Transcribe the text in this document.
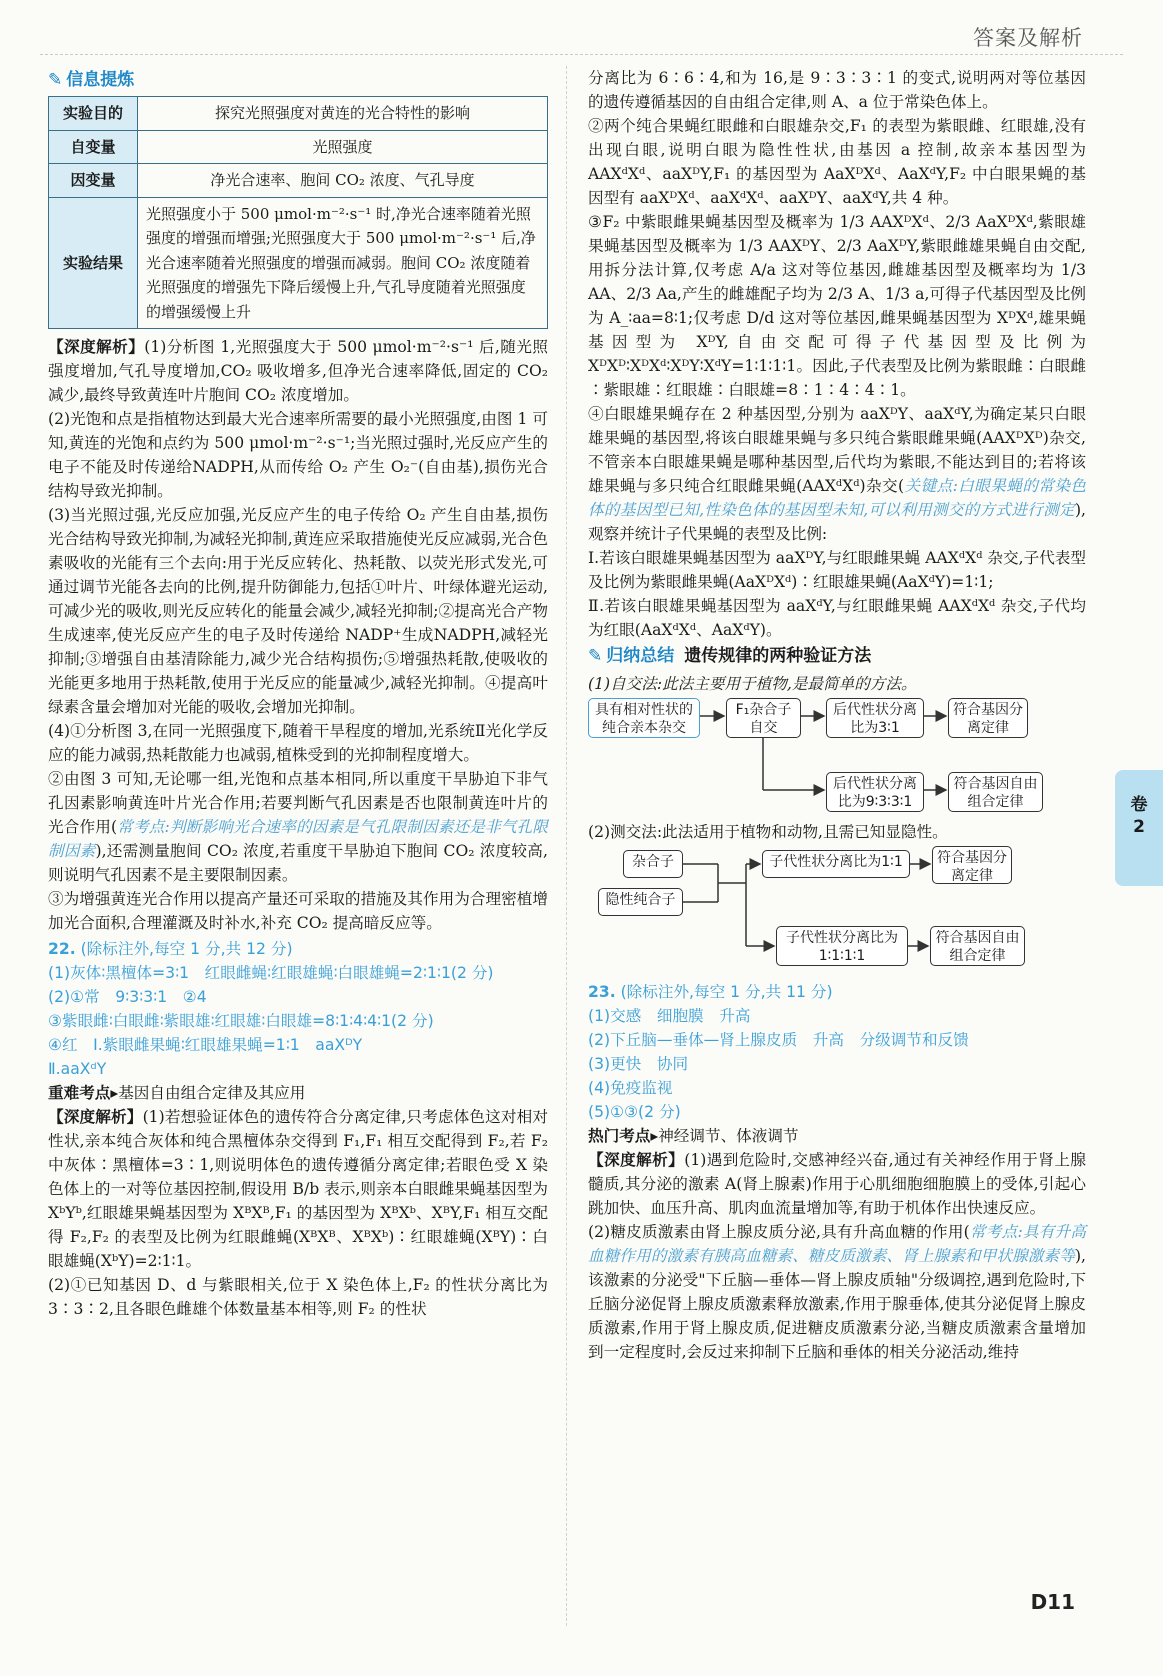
答案及解析
✎ 信息提炼
实验目的	探究光照强度对黄连的光合特性的影响
自变量	光照强度
因变量	净光合速率、胞间 CO₂ 浓度、气孔导度
实验结果	光照强度小于 500 μmol·m⁻²·s⁻¹ 时,净光合速率随着光照强度的增强而增强;光照强度大于 500 μmol·m⁻²·s⁻¹ 后,净光合速率随着光照强度的增强而减弱。胞间 CO₂ 浓度随着光照强度的增强先下降后缓慢上升,气孔导度随着光照强度的增强缓慢上升

【深度解析】(1)分析图 1,光照强度大于 500 μmol·m⁻²·s⁻¹ 后,随光照强度增加,气孔导度增加,CO₂ 吸收增多,但净光合速率降低,固定的 CO₂ 减少,最终导致黄连叶片胞间 CO₂ 浓度增加。

(2)光饱和点是指植物达到最大光合速率所需要的最小光照强度,由图 1 可知,黄连的光饱和点约为 500 μmol·m⁻²·s⁻¹;当光照过强时,光反应产生的电子不能及时传递给NADPH,从而传给 O₂ 产生 O₂⁻(自由基),损伤光合结构导致光抑制。

(3)当光照过强,光反应加强,光反应产生的电子传给 O₂ 产生自由基,损伤光合结构导致光抑制,为减轻光抑制,黄连应采取措施使光反应减弱,光合色素吸收的光能有三个去向:用于光反应转化、热耗散、以荧光形式发光,可通过调节光能各去向的比例,提升防御能力,包括①叶片、叶绿体避光运动,可减少光的吸收,则光反应转化的能量会减少,减轻光抑制;②提高光合产物生成速率,使光反应产生的电子及时传递给 NADP⁺生成NADPH,减轻光抑制;③增强自由基清除能力,减少光合结构损伤;⑤增强热耗散,使吸收的光能更多地用于热耗散,使用于光反应的能量减少,减轻光抑制。④提高叶绿素含量会增加对光能的吸收,会增加光抑制。

(4)①分析图 3,在同一光照强度下,随着干旱程度的增加,光系统Ⅱ光化学反应的能力减弱,热耗散能力也减弱,植株受到的光抑制程度增大。

②由图 3 可知,无论哪一组,光饱和点基本相同,所以重度干旱胁迫下非气孔因素影响黄连叶片光合作用;若要判断气孔因素是否也限制黄连叶片的光合作用(常考点:判断影响光合速率的因素是气孔限制因素还是非气孔限制因素),还需测量胞间 CO₂ 浓度,若重度干旱胁迫下胞间 CO₂ 浓度较高,则说明气孔因素不是主要限制因素。

③为增强黄连光合作用以提高产量还可采取的措施及其作用为合理密植增加光合面积,合理灌溉及时补水,补充 CO₂ 提高暗反应等。

22. (除标注外,每空 1 分,共 12 分)

(1)灰体∶黑檀体=3∶1　红眼雌蝇∶红眼雄蝇∶白眼雄蝇=2∶1∶1(2 分)

(2)①常　9∶3∶3∶1　②4

③紫眼雌∶白眼雌∶紫眼雄∶红眼雄∶白眼雄=8∶1∶4∶4∶1(2 分)

④红　Ⅰ.紫眼雌果蝇∶红眼雄果蝇=1∶1　aaXᴰY

Ⅱ.aaXᵈY

重难考点▸基因自由组合定律及其应用

【深度解析】(1)若想验证体色的遗传符合分离定律,只考虑体色这对相对性状,亲本纯合灰体和纯合黑檀体杂交得到 F₁,F₁ 相互交配得到 F₂,若 F₂ 中灰体∶黑檀体=3∶1,则说明体色的遗传遵循分离定律;若眼色受 X 染色体上的一对等位基因控制,假设用 B/b 表示,则亲本白眼雌果蝇基因型为 XᵇYᵇ,红眼雄果蝇基因型为 XᴮXᴮ,F₁ 的基因型为 XᴮXᵇ、XᴮY,F₁ 相互交配得 F₂,F₂ 的表型及比例为红眼雌蝇(XᴮXᴮ、XᴮXᵇ)∶红眼雄蝇(XᴮY)∶白眼雄蝇(XᵇY)=2∶1∶1。

(2)①已知基因 D、d 与紫眼相关,位于 X 染色体上,F₂ 的性状分离比为 3∶3∶2,且各眼色雌雄个体数量基本相等,则 F₂ 的性状

分离比为 6∶6∶4,和为 16,是 9∶3∶3∶1 的变式,说明两对等位基因的遗传遵循基因的自由组合定律,则 A、a 位于常染色体上。

②两个纯合果蝇红眼雌和白眼雄杂交,F₁ 的表型为紫眼雌、红眼雄,没有出现白眼,说明白眼为隐性性状,由基因 a 控制,故亲本基因型为 AAXᵈXᵈ、aaXᴰY,F₁ 的基因型为 AaXᴰXᵈ、AaXᵈY,F₂ 中白眼果蝇的基因型有 aaXᴰXᵈ、aaXᵈXᵈ、aaXᴰY、aaXᵈY,共 4 种。

③F₂ 中紫眼雌果蝇基因型及概率为 1/3 AAXᴰXᵈ、2/3 AaXᴰXᵈ,紫眼雄果蝇基因型及概率为 1/3 AAXᴰY、2/3 AaXᴰY,紫眼雌雄果蝇自由交配,用拆分法计算,仅考虑 A/a 这对等位基因,雌雄基因型及概率均为 1/3 AA、2/3 Aa,产生的雌雄配子均为 2/3 A、1/3 a,可得子代基因型及比例为 A_∶aa=8∶1;仅考虑 D/d 这对等位基因,雌果蝇基因型为 XᴰXᵈ,雄果蝇基因型为 XᴰY,自由交配可得子代基因型及比例为 XᴰXᴰ∶XᴰXᵈ∶XᴰY∶XᵈY=1∶1∶1∶1。因此,子代表型及比例为紫眼雌∶白眼雌∶紫眼雄∶红眼雄∶白眼雄=8∶1∶4∶4∶1。

④白眼雄果蝇存在 2 种基因型,分别为 aaXᴰY、aaXᵈY,为确定某只白眼雄果蝇的基因型,将该白眼雄果蝇与多只纯合紫眼雌果蝇(AAXᴰXᴰ)杂交,不管亲本白眼雄果蝇是哪种基因型,后代均为紫眼,不能达到目的;若将该雄果蝇与多只纯合红眼雌果蝇(AAXᵈXᵈ)杂交(关键点:白眼果蝇的常染色体的基因型已知,性染色体的基因型未知,可以利用测交的方式进行测定),观察并统计子代果蝇的表型及比例:

Ⅰ.若该白眼雄果蝇基因型为 aaXᴰY,与红眼雌果蝇 AAXᵈXᵈ 杂交,子代表型及比例为紫眼雌果蝇(AaXᴰXᵈ)∶红眼雄果蝇(AaXᵈY)=1∶1;

Ⅱ.若该白眼雄果蝇基因型为 aaXᵈY,与红眼雌果蝇 AAXᵈXᵈ 杂交,子代均为红眼(AaXᵈXᵈ、AaXᵈY)。

✎ 归纳总结 遗传规律的两种验证方法

(1)自交法:此法主要用于植物,是最简单的方法。

具有相对性状的纯合亲本杂交
F₁杂合子自交
后代性状分离比为3∶1
符合基因分离定律
后代性状分离比为9∶3∶3∶1
符合基因自由组合定律

(2)测交法:此法适用于植物和动物,且需已知显隐性。

杂合子
隐性纯合子
子代性状分离比为1∶1	符合基因分离定律
子代性状分离比为1∶1∶1∶1
符合基因自由组合定律

23. (除标注外,每空 1 分,共 11 分)

(1)交感　细胞膜　升高

(2)下丘脑—垂体—肾上腺皮质　升高　分级调节和反馈

(3)更快　协同

(4)免疫监视

(5)①③(2 分)

热门考点▸神经调节、体液调节

【深度解析】(1)遇到危险时,交感神经兴奋,通过有关神经作用于肾上腺髓质,其分泌的激素 A(肾上腺素)作用于心肌细胞细胞膜上的受体,引起心跳加快、血压升高、肌肉血流量增加等,有助于机体作出快速反应。

(2)糖皮质激素由肾上腺皮质分泌,具有升高血糖的作用(常考点:具有升高血糖作用的激素有胰高血糖素、糖皮质激素、肾上腺素和甲状腺激素等),该激素的分泌受"下丘脑—垂体—肾上腺皮质轴"分级调控,遇到危险时,下丘脑分泌促肾上腺皮质激素释放激素,作用于腺垂体,使其分泌促肾上腺皮质激素,作用于肾上腺皮质,促进糖皮质激素分泌,当糖皮质激素含量增加到一定程度时,会反过来抑制下丘脑和垂体的相关分泌活动,维持

卷
2
D11
